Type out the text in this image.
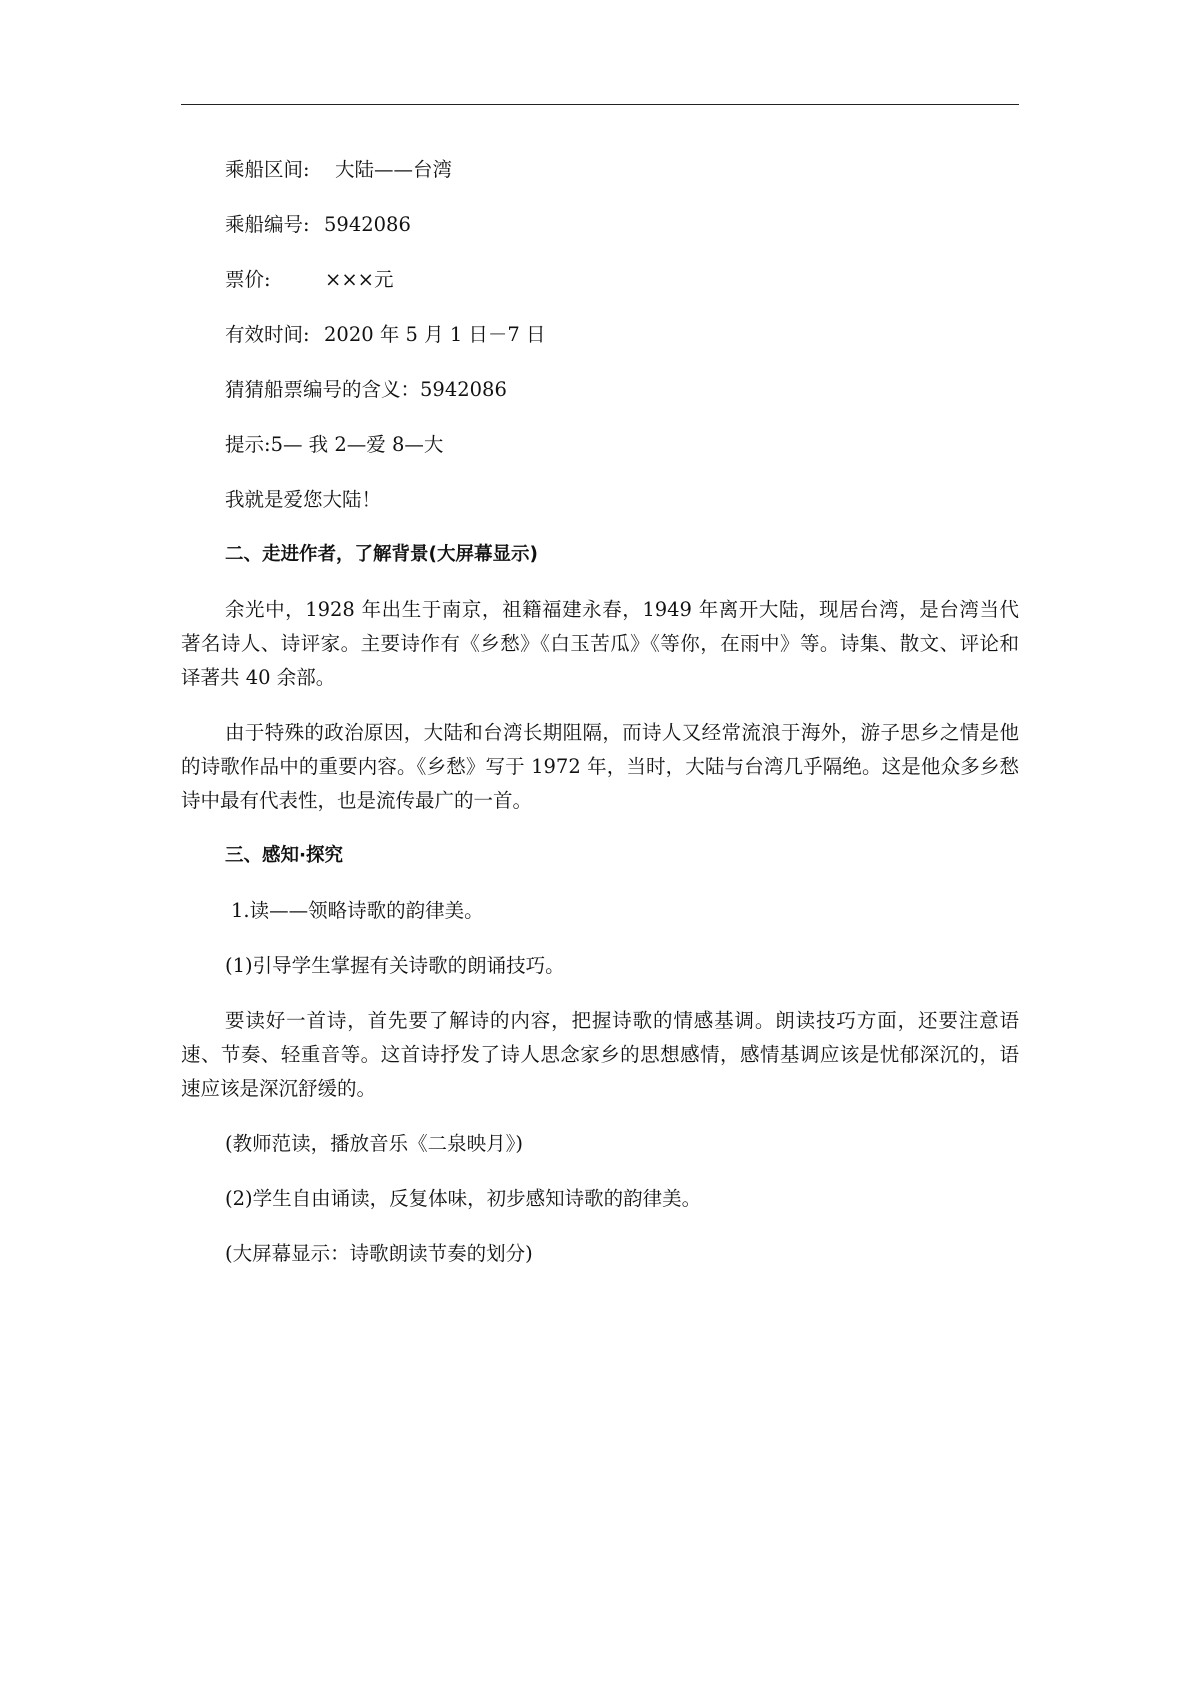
乘船区间: 大陆——台湾
乘船编号: 5942086
票价:	×××元
有效时间: 2020 年 5 月 1 日－7 日
猜猜船票编号的含义：5942086
提示:5— 我 2—爱 8—大
我就是爱您大陆！
二、走进作者，了解背景(大屏幕显示)

余光中，1928 年出生于南京，祖籍福建永春，1949 年离开大陆，现居台湾，是台湾当代著名诗人、诗评家。主要诗作有《乡愁》《白玉苦瓜》《等你，在雨中》等。诗集、散文、评论和译著共 40 余部。

由于特殊的政治原因，大陆和台湾长期阻隔，而诗人又经常流浪于海外，游子思乡之情是他的诗歌作品中的重要内容。《乡愁》写于 1972 年，当时，大陆与台湾几乎隔绝。这是他众多乡愁诗中最有代表性，也是流传最广的一首。

三、感知·探究
1.读——领略诗歌的韵律美。
(1)引导学生掌握有关诗歌的朗诵技巧。

要读好一首诗，首先要了解诗的内容，把握诗歌的情感基调。朗读技巧方面，还要注意语速、节奏、轻重音等。这首诗抒发了诗人思念家乡的思想感情，感情基调应该是忧郁深沉的，语速应该是深沉舒缓的。

(教师范读，播放音乐《二泉映月》)
(2)学生自由诵读，反复体味，初步感知诗歌的韵律美。
(大屏幕显示：诗歌朗读节奏的划分)
